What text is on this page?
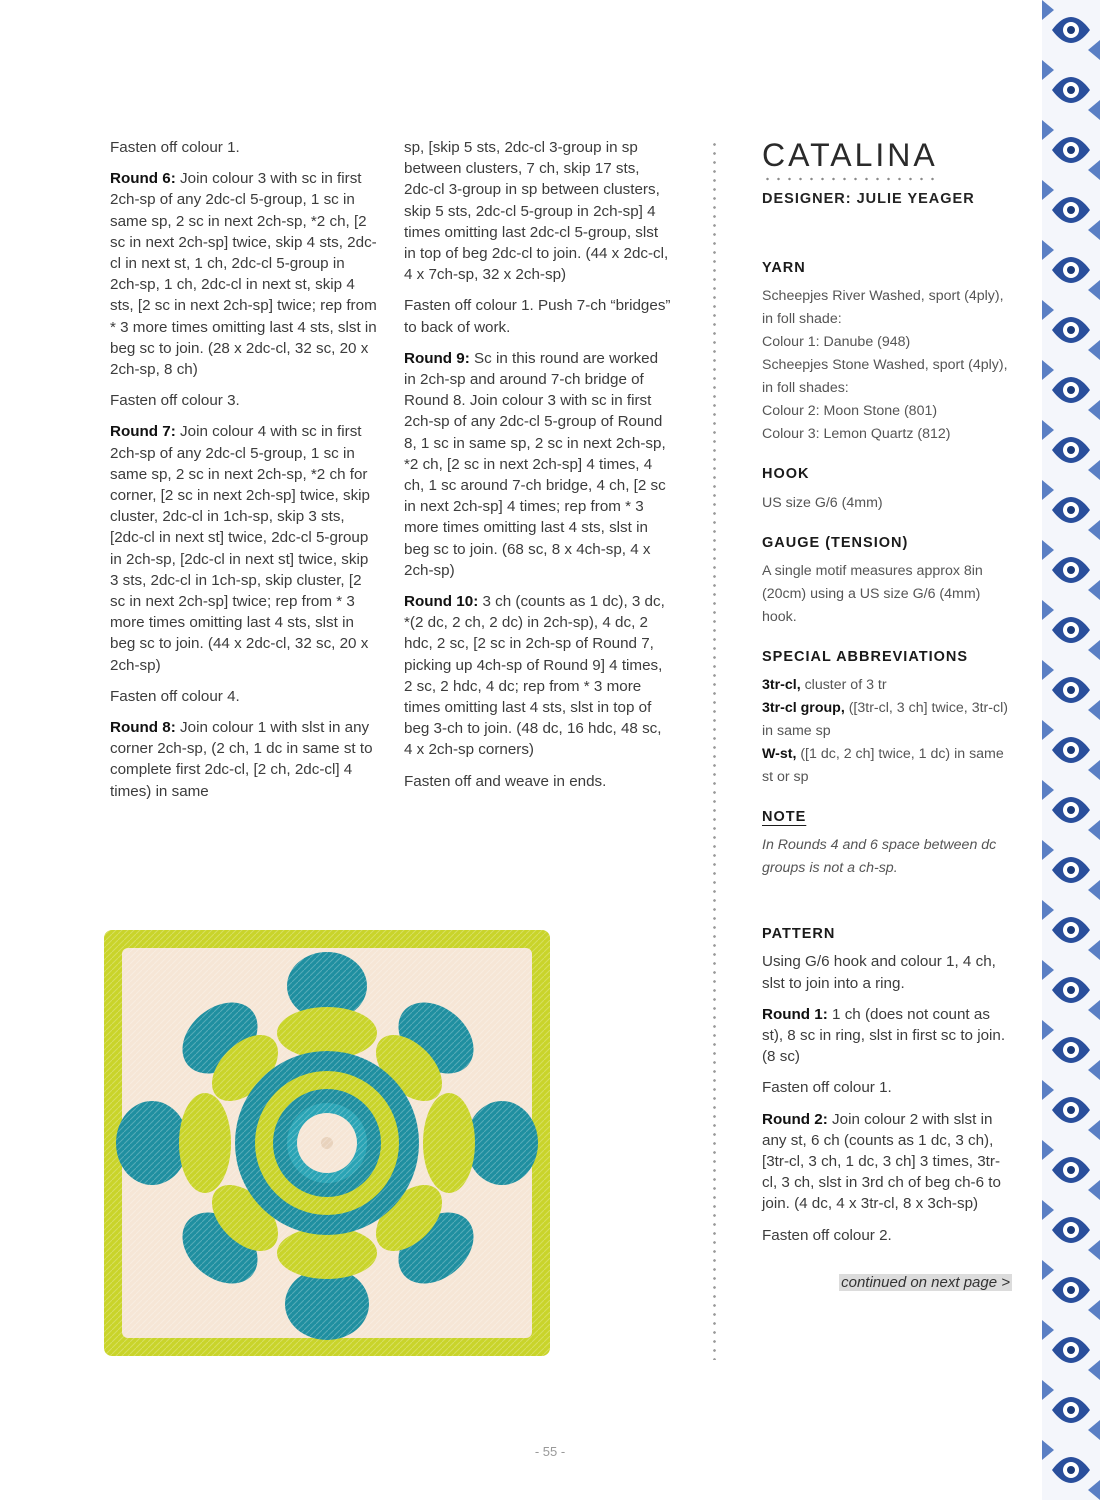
Fasten off colour 1.

Round 6: Join colour 3 with sc in first 2ch-sp of any 2dc-cl 5-group, 1 sc in same sp, 2 sc in next 2ch-sp, *2 ch, [2 sc in next 2ch-sp] twice, skip 4 sts, 2dc-cl in next st, 1 ch, 2dc-cl 5-group in 2ch-sp, 1 ch, 2dc-cl in next st, skip 4 sts, [2 sc in next 2ch-sp] twice; rep from * 3 more times omitting last 4 sts, slst in beg sc to join. (28 x 2dc-cl, 32 sc, 20 x 2ch-sp, 8 ch)

Fasten off colour 3.

Round 7: Join colour 4 with sc in first 2ch-sp of any 2dc-cl 5-group, 1 sc in same sp, 2 sc in next 2ch-sp, *2 ch for corner, [2 sc in next 2ch-sp] twice, skip cluster, 2dc-cl in 1ch-sp, skip 3 sts, [2dc-cl in next st] twice, 2dc-cl 5-group in 2ch-sp, [2dc-cl in next st] twice, skip 3 sts, 2dc-cl in 1ch-sp, skip cluster, [2 sc in next 2ch-sp] twice; rep from * 3 more times omitting last 4 sts, slst in beg sc to join. (44 x 2dc-cl, 32 sc, 20 x 2ch-sp)

Fasten off colour 4.

Round 8: Join colour 1 with slst in any corner 2ch-sp, (2 ch, 1 dc in same st to complete first 2dc-cl, [2 ch, 2dc-cl] 4 times) in same

sp, [skip 5 sts, 2dc-cl 3-group in sp between clusters, 7 ch, skip 17 sts, 2dc-cl 3-group in sp between clusters, skip 5 sts, 2dc-cl 5-group in 2ch-sp] 4 times omitting last 2dc-cl 5-group, slst in top of beg 2dc-cl to join. (44 x 2dc-cl, 4 x 7ch-sp, 32 x 2ch-sp)

Fasten off colour 1. Push 7-ch “bridges” to back of work.

Round 9: Sc in this round are worked in 2ch-sp and around 7-ch bridge of Round 8. Join colour 3 with sc in first 2ch-sp of any 2dc-cl 5-group of Round 8, 1 sc in same sp, 2 sc in next 2ch-sp, *2 ch, [2 sc in next 2ch-sp] 4 times, 4 ch, 1 sc around 7-ch bridge, 4 ch, [2 sc in next 2ch-sp] 4 times; rep from * 3 more times omitting last 4 sts, slst in beg sc to join. (68 sc, 8 x 4ch-sp, 4 x 2ch-sp)

Round 10: 3 ch (counts as 1 dc), 3 dc, *(2 dc, 2 ch, 2 dc) in 2ch-sp), 4 dc, 2 hdc, 2 sc, [2 sc in 2ch-sp of Round 7, picking up 4ch-sp of Round 9] 4 times, 2 sc, 2 hdc, 4 dc; rep from * 3 more times omitting last 4 sts, slst in top of beg 3-ch to join. (48 dc, 16 hdc, 48 sc, 4 x 2ch-sp corners)

Fasten off and weave in ends.

CATALINA
DESIGNER: JULIE YEAGER
YARN
Scheepjes River Washed, sport (4ply), in foll shade:
Colour 1: Danube (948)
Scheepjes Stone Washed, sport (4ply), in foll shades:
Colour 2: Moon Stone (801)
Colour 3: Lemon Quartz (812)
HOOK
US size G/6 (4mm)
GAUGE (TENSION)
A single motif measures approx 8in (20cm) using a US size G/6 (4mm) hook.
SPECIAL ABBREVIATIONS
3tr-cl, cluster of 3 tr
3tr-cl group, ([3tr-cl, 3 ch] twice, 3tr-cl) in same sp
W-st, ([1 dc, 2 ch] twice, 1 dc) in same st or sp
NOTE
In Rounds 4 and 6 space between dc groups is not a ch-sp.
PATTERN

Using G/6 hook and colour 1, 4 ch, slst to join into a ring.

Round 1: 1 ch (does not count as st), 8 sc in ring, slst in first sc to join. (8 sc)

Fasten off colour 1.

Round 2: Join colour 2 with slst in any st, 6 ch (counts as 1 dc, 3 ch), [3tr-cl, 3 ch, 1 dc, 3 ch] 3 times, 3tr-cl, 3 ch, slst in 3rd ch of beg ch-6 to join. (4 dc, 4 x 3tr-cl, 8 x 3ch-sp)

Fasten off colour 2.

continued on next page >
- 55 -
